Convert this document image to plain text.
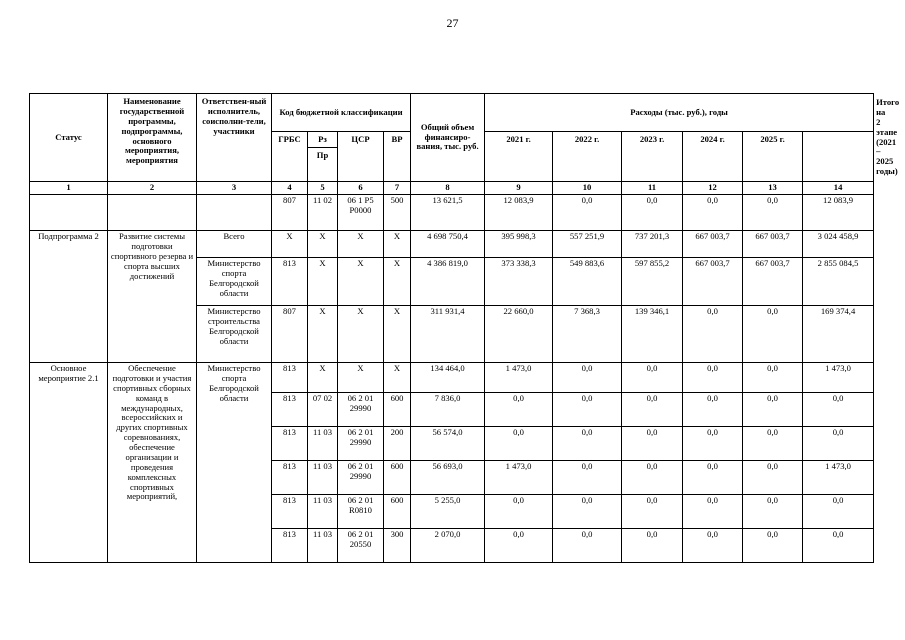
27
Статус	Наименование государственной программы, подпрограммы, основного мероприятия, мероприятия	Ответствен-ный исполнитель, соисполни-тели, участники	Код бюджетной классификации				Общий объем финансиро-вания, тыс. руб.	Расходы (тыс. руб.), годы						Итого на 2 этапе (2021 – 2025 годы)
			ГРБС	Рз	ЦСР	ВР		2021 г.	2022 г.	2023 г.	2024 г.	2025 г.		
				Пр										
1	2	3	4	5	6	7	8	9	10	11	12	13	14	
			807	11 02	06 1 P5 P0000	500	13 621,5	12 083,9	0,0	0,0	0,0	0,0	12 083,9	
Подпрограмма 2	Развитие системы подготовки спортивного резерва и спорта высших достижений	Всего	X	X	X	X	4 698 750,4	395 998,3	557 251,9	737 201,3	667 003,7	667 003,7	3 024 458,9	
		Министерство спорта Белгородской области	813	X	X	X	4 386 819,0	373 338,3	549 883,6	597 855,2	667 003,7	667 003,7	2 855 084,5	
		Министерство строительства Белгородской области	807	X	X	X	311 931,4	22 660,0	7 368,3	139 346,1	0,0	0,0	169 374,4	
Основное мероприятие 2.1	Обеспечение подготовки и участия спортивных сборных команд в международных, всероссийских и других спортивных соревнованиях, обеспечение организации и проведения комплексных спортивных мероприятий,	Министерство спорта Белгородской области	813	X	X	X	134 464,0	1 473,0	0,0	0,0	0,0	0,0	1 473,0	
			813	07 02	06 2 01 29990	600	7 836,0	0,0	0,0	0,0	0,0	0,0	0,0	
			813	11 03	06 2 01 29990	200	56 574,0	0,0	0,0	0,0	0,0	0,0	0,0	
			813	11 03	06 2 01 29990	600	56 693,0	1 473,0	0,0	0,0	0,0	0,0	1 473,0	
			813	11 03	06 2 01 R0810	600	5 255,0	0,0	0,0	0,0	0,0	0,0	0,0	
			813	11 03	06 2 01 20550	300	2 070,0	0,0	0,0	0,0	0,0	0,0	0,0	
